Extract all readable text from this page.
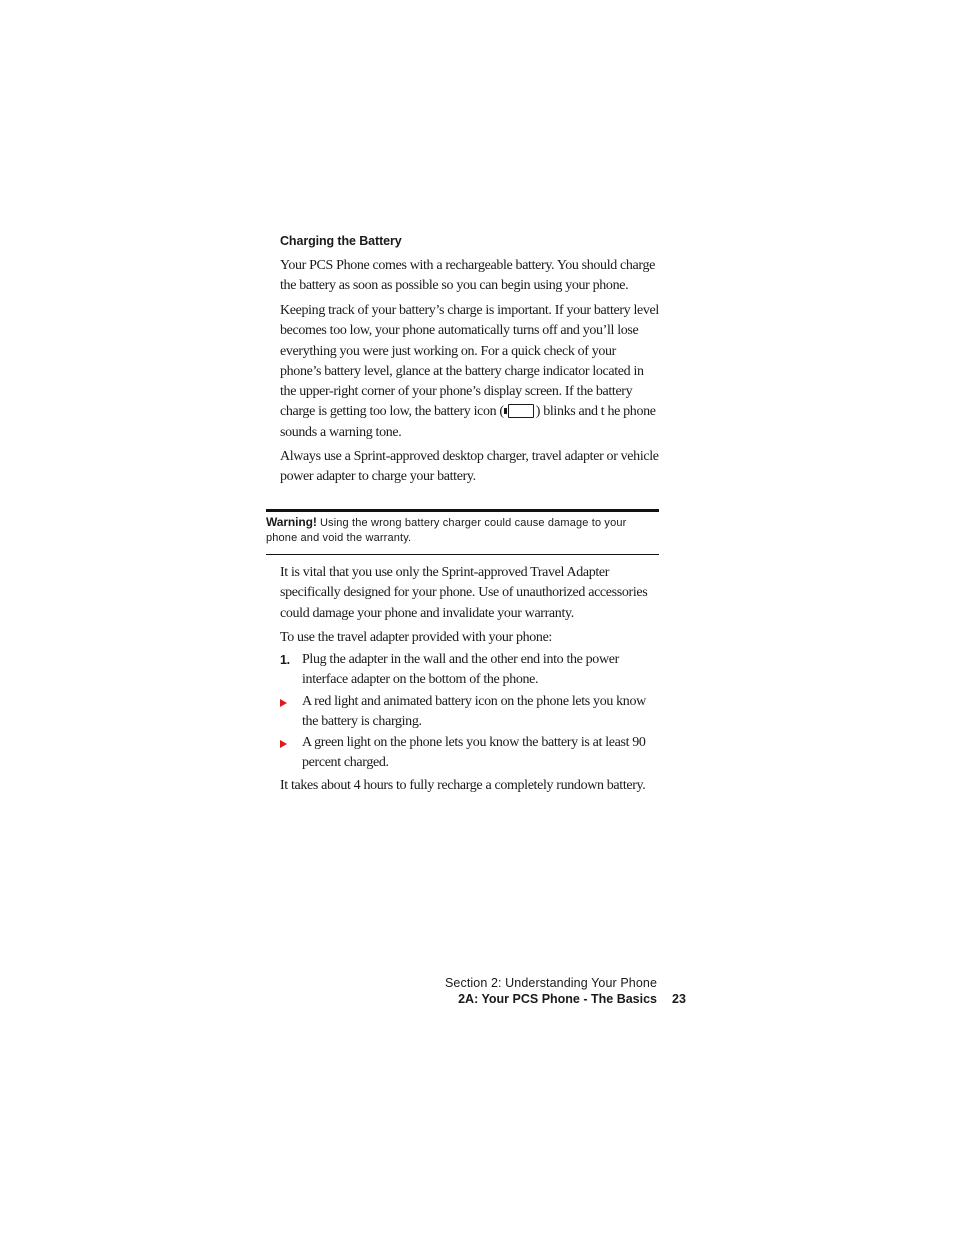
Charging the Battery

Your PCS Phone comes with a rechargeable battery. You should charge the battery as soon as possible so you can begin using your phone.

Keeping track of your battery’s charge is important. If your battery level becomes too low, your phone automatically turns off and you’ll lose everything you were just working on. For a quick check of your phone’s battery level, glance at the battery charge indicator located in the upper-right corner of your phone’s display screen. If the battery charge is getting too low, the battery icon ( ) blinks and t he phone sounds a warning tone.

Always use a Sprint-approved desktop charger, travel adapter or vehicle power adapter to charge your battery.

Warning! Using the wrong battery charger could cause damage to your phone and void the warranty.

It is vital that you use only the Sprint-approved Travel Adapter specifically designed for your phone. Use of unauthorized accessories could damage your phone and invalidate your warranty.

To use the travel adapter provided with your phone:

1. Plug the adapter in the wall and the other end into the power interface adapter on the bottom of the phone.
A red light and animated battery icon on the phone lets you know the battery is charging.
A green light on the phone lets you know the battery is at least 90 percent charged.

It takes about 4 hours to fully recharge a completely rundown battery.

Section 2: Understanding Your Phone
2A: Your PCS Phone - The Basics 23
